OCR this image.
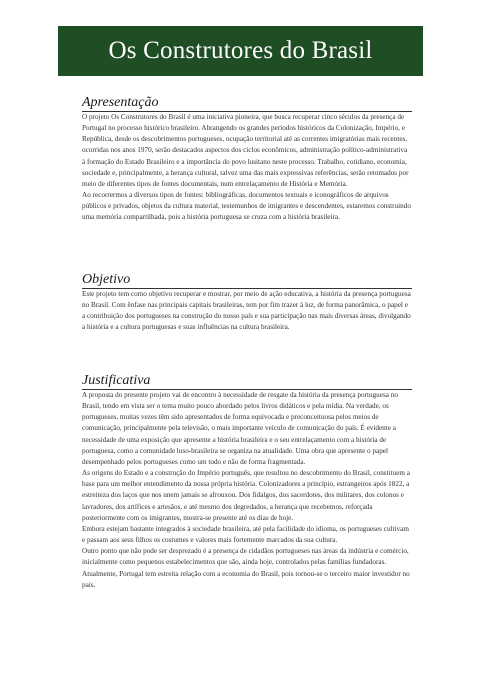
Os Construtores do Brasil
Apresentação

O projeto Os Construtores do Brasil é uma iniciativa pioneira, que busca recuperar cinco séculos da presença de Portugal no processo histórico brasileiro. Abrangendo os grandes períodos históricos da Colonização, Império, e República, desde os descobrimentos portugueses, ocupação territorial até as correntes imigratórias mais recentes, ocorridas nos anos 1970, serão destacados aspectos dos ciclos econômicos, administração político-administrativa à formação do Estado Brasileiro e a importância do povo lusitano neste processo. Trabalho, cotidiano, economia, sociedade e, principalmente, a herança cultural, talvez uma das mais expressivas referências, serão retomados por meio de diferentes tipos de fontes documentais, num entrelaçamento de História e Memória.

Ao recorrermos a diversos tipos de fontes: bibliográficas, documentos textuais e iconográficos de arquivos públicos e privados, objetos da cultura material, testemunhos de imigrantes e descendentes, estaremos construindo uma memória compartilhada, pois a história portuguesa se cruza com a história brasileira.

Objetivo

Este projeto tem como objetivo recuperar e mostrar, por meio de ação educativa, a história da presença portuguesa no Brasil. Com ênfase nas principais capitais brasileiras, tem por fim trazer à luz, de forma panorâmica, o papel e a contribuição dos portugueses na construção do nosso país e sua participação nas mais diversas áreas, divulgando a história e a cultura portuguesas e suas influências na cultura brasileira.

Justificativa

A proposta do presente projeto vai de encontro à necessidade de resgate da história da presença portuguesa no Brasil, tendo em vista ser o tema muito pouco abordado pelos livros didáticos e pela mídia. Na verdade, os portugueses, muitas vezes têm sido apresentados de forma equivocada e preconceituosa pelos meios de comunicação, principalmente pela televisão, o mais importante veículo de comunicação do país. É evidente a necessidade de uma exposição que apresente a história brasileira e o seu entrelaçamento com a história de portuguesa, como a comunidade luso-brasileira se organiza na atualidade. Uma obra que apresente o papel desempenhado pelos portugueses como um todo e não de forma fragmentada.

As origens do Estado e a construção do Império português, que resultou no descobrimento do Brasil, constituem a base para um melhor entendimento da nossa própria história. Colonizadores a princípio, estrangeiros após 1822, a estreiteza dos laços que nos unem jamais se afrouxou. Dos fidalgos, dos sacerdotes, dos militares, dos colonos e lavradores, dos artífices e artesãos, e até mesmo dos degredados, a herança que recebemos, reforçada posteriormente com os imigrantes, mostra-se presente até os dias de hoje.

Embora estejam bastante integrados à sociedade brasileira, até pela facilidade do idioma, os portugueses cultivam e passam aos seus filhos os costumes e valores mais fortemente marcados da sua cultura.

Outro ponto que não pode ser desprezado é a presença de cidadãos portugueses nas áreas da indústria e comércio, inicialmente como pequenos estabelecimentos que são, ainda hoje, controlados pelas famílias fundadoras. Atualmente, Portugal tem estreita relação com a economia do Brasil, pois tornou-se o terceiro maior investidor no país.
